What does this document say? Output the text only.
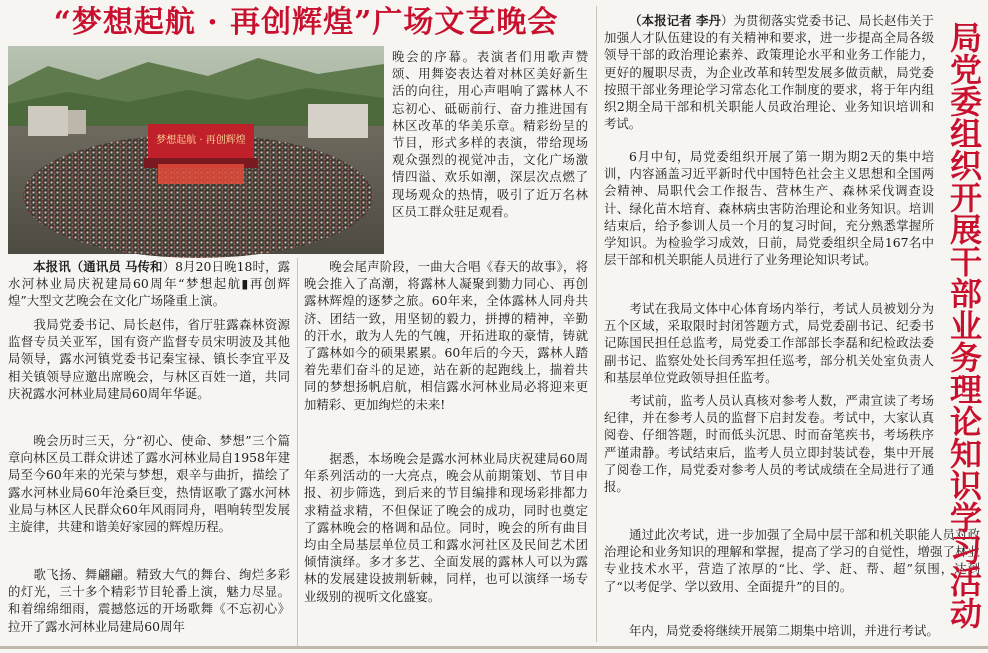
“梦想起航 · 再创辉煌”广场文艺晚会
梦想起航 · 再创辉煌

本报讯（通讯员 马传和）8月20日晚18时，露水河林业局庆祝建局60周年“梦想起航▮再创辉煌”大型文艺晚会在文化广场隆重上演。

我局党委书记、局长赵伟，省厅驻露森林资源监督专员关亚军，国有资产监督专员宋明波及其他局领导，露水河镇党委书记秦宝禄、镇长李宜平及相关镇领导应邀出席晚会，与林区百姓一道，共同庆祝露水河林业局建局60周年华诞。

晚会历时三天，分“初心、使命、梦想”三个篇章向林区员工群众讲述了露水河林业局自1958年建局至今60年来的光荣与梦想，艰辛与曲折，描绘了露水河林业局60年沧桑巨变，热情讴歌了露水河林业局与林区人民群众60年风雨同舟，唱响转型发展主旋律，共建和谐美好家园的辉煌历程。

歌飞扬、舞翩翩。精致大气的舞台、绚烂多彩的灯光，三十多个精彩节目轮番上演，魅力尽显。和着绵绵细雨，震撼悠远的开场歌舞《不忘初心》拉开了露水河林业局建局60周年

晚会的序幕。表演者们用歌声赞颂、用舞姿表达着对林区美好新生活的向往，用心声唱响了露林人不忘初心、砥砺前行、奋力推进国有林区改革的华美乐章。精彩纷呈的节目，形式多样的表演，带给现场观众强烈的视觉冲击，文化广场激情四溢、欢乐如潮，深层次点燃了现场观众的热情，吸引了近万名林区员工群众驻足观看。

晚会尾声阶段，一曲大合唱《春天的故事》，将晚会推入了高潮，将露林人凝聚到勠力同心、再创露林辉煌的逐梦之旅。60年来，全体露林人同舟共济、团结一致，用坚韧的毅力，拼搏的精神，辛勤的汗水，敢为人先的气魄，开拓进取的豪情，铸就了露林如今的硕果累累。60年后的今天，露林人踏着先辈们奋斗的足迹，站在新的起跑线上，揣着共同的梦想扬帆启航，相信露水河林业局必将迎来更加精彩、更加绚烂的未来!

据悉，本场晚会是露水河林业局庆祝建局60周年系列活动的一大亮点，晚会从前期策划、节目申报、初步筛选，到后来的节目编排和现场彩排都力求精益求精，不但保证了晚会的成功，同时也奠定了露林晚会的格调和品位。同时，晚会的所有曲目均由全局基层单位员工和露水河社区及民间艺术团倾情演绎。多才多艺、全面发展的露林人可以为露林的发展建设披荆斩棘，同样，也可以演绎一场专业级别的视听文化盛宴。

（本报记者 李丹）为贯彻落实党委书记、局长赵伟关于加强人才队伍建设的有关精神和要求，进一步提高全局各级领导干部的政治理论素养、政策理论水平和业务工作能力，更好的履职尽责，为企业改革和转型发展多做贡献，局党委按照干部业务理论学习常态化工作制度的要求，将于年内组织2期全局干部和机关职能人员政治理论、业务知识培训和考试。

6月中旬，局党委组织开展了第一期为期2天的集中培训，内容涵盖习近平新时代中国特色社会主义思想和全国两会精神、局职代会工作报告、营林生产、森林采伐调查设计、绿化苗木培育、森林病虫害防治理论和业务知识。培训结束后，给予参训人员一个月的复习时间，充分熟悉掌握所学知识。为检验学习成效，日前，局党委组织全局167名中层干部和机关职能人员进行了业务理论知识考试。

考试在我局文体中心体育场内举行，考试人员被划分为五个区域，采取限时封闭答题方式，局党委副书记、纪委书记陈国民担任总监考，局党委工作部部长李磊和纪检政法委副书记、监察处处长闫秀军担任巡考，部分机关处室负责人和基层单位党政领导担任监考。

考试前，监考人员认真核对参考人数，严肃宣读了考场纪律，并在参考人员的监督下启封发卷。考试中，大家认真阅卷、仔细答题，时而低头沉思、时而奋笔疾书，考场秩序严谨肃静。考试结束后，监考人员立即封装试卷，集中开展了阅卷工作，局党委对参考人员的考试成绩在全局进行了通报。

通过此次考试，进一步加强了全局中层干部和机关职能人员对政治理论和业务知识的理解和掌握，提高了学习的自觉性，增强了林业专业技术水平，营造了浓厚的“比、学、赶、帮、超”氛围，达到了“以考促学、学以致用、全面提升”的目的。

年内，局党委将继续开展第二期集中培训，并进行考试。

局党委组织开展干部业务理论知识学习活动
